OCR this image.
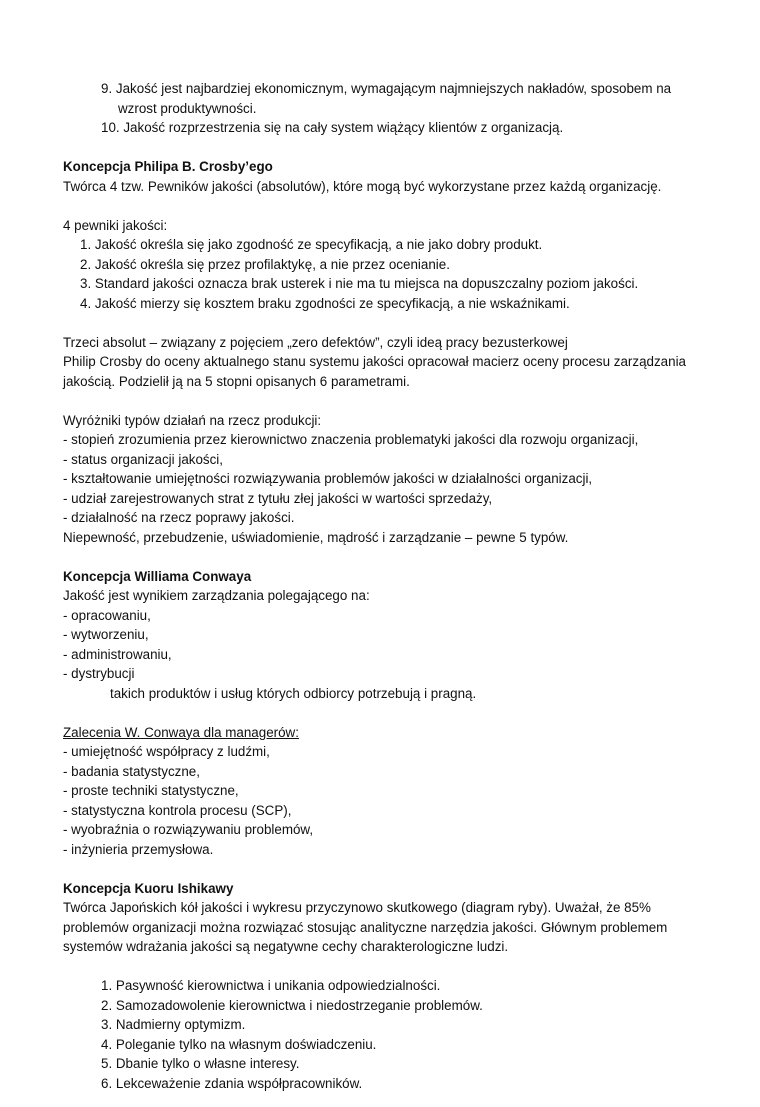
9. Jakość jest najbardziej ekonomicznym, wymagającym najmniejszych nakładów, sposobem na
wzrost produktywności.
10. Jakość rozprzestrzenia się na cały system wiążący klientów z organizacją.
Koncepcja Philipa B. Crosby’ego
Twórca 4 tzw. Pewników jakości (absolutów), które mogą być wykorzystane przez każdą organizację.
4 pewniki jakości:
1. Jakość określa się jako zgodność ze specyfikacją, a nie jako dobry produkt.
2. Jakość określa się przez profilaktykę, a nie przez ocenianie.
3. Standard jakości oznacza brak usterek i nie ma tu miejsca na dopuszczalny poziom jakości.
4. Jakość mierzy się kosztem braku zgodności ze specyfikacją, a nie wskaźnikami.
Trzeci absolut – związany z pojęciem „zero defektów”, czyli ideą pracy bezusterkowej
Philip Crosby do oceny aktualnego stanu systemu jakości opracował macierz oceny procesu zarządzania
jakością. Podzielił ją na 5 stopni opisanych 6 parametrami.
Wyróżniki typów działań na rzecz produkcji:
- stopień zrozumienia przez kierownictwo znaczenia problematyki jakości dla rozwoju organizacji,
- status organizacji jakości,
- kształtowanie umiejętności rozwiązywania problemów jakości w działalności organizacji,
- udział zarejestrowanych strat z tytułu złej jakości w wartości sprzedaży,
- działalność na rzecz poprawy jakości.
Niepewność, przebudzenie, uświadomienie, mądrość i zarządzanie – pewne 5 typów.
Koncepcja Williama Conwaya
Jakość jest wynikiem zarządzania polegającego na:
- opracowaniu,
- wytworzeniu,
- administrowaniu,
- dystrybucji
takich produktów i usług których odbiorcy potrzebują i pragną.
Zalecenia W. Conwaya dla managerów:
- umiejętność współpracy z ludźmi,
- badania statystyczne,
- proste techniki statystyczne,
- statystyczna kontrola procesu (SCP),
- wyobraźnia o rozwiązywaniu problemów,
- inżynieria przemysłowa.
Koncepcja Kuoru Ishikawy
Twórca Japońskich kół jakości i wykresu przyczynowo skutkowego (diagram ryby). Uważał, że 85%
problemów organizacji można rozwiązać stosując analityczne narzędzia jakości. Głównym problemem
systemów wdrażania jakości są negatywne cechy charakterologiczne ludzi.
1. Pasywność kierownictwa i unikania odpowiedzialności.
2. Samozadowolenie kierownictwa i niedostrzeganie problemów.
3. Nadmierny optymizm.
4. Poleganie tylko na własnym doświadczeniu.
5. Dbanie tylko o własne interesy.
6. Lekceważenie zdania współpracowników.
